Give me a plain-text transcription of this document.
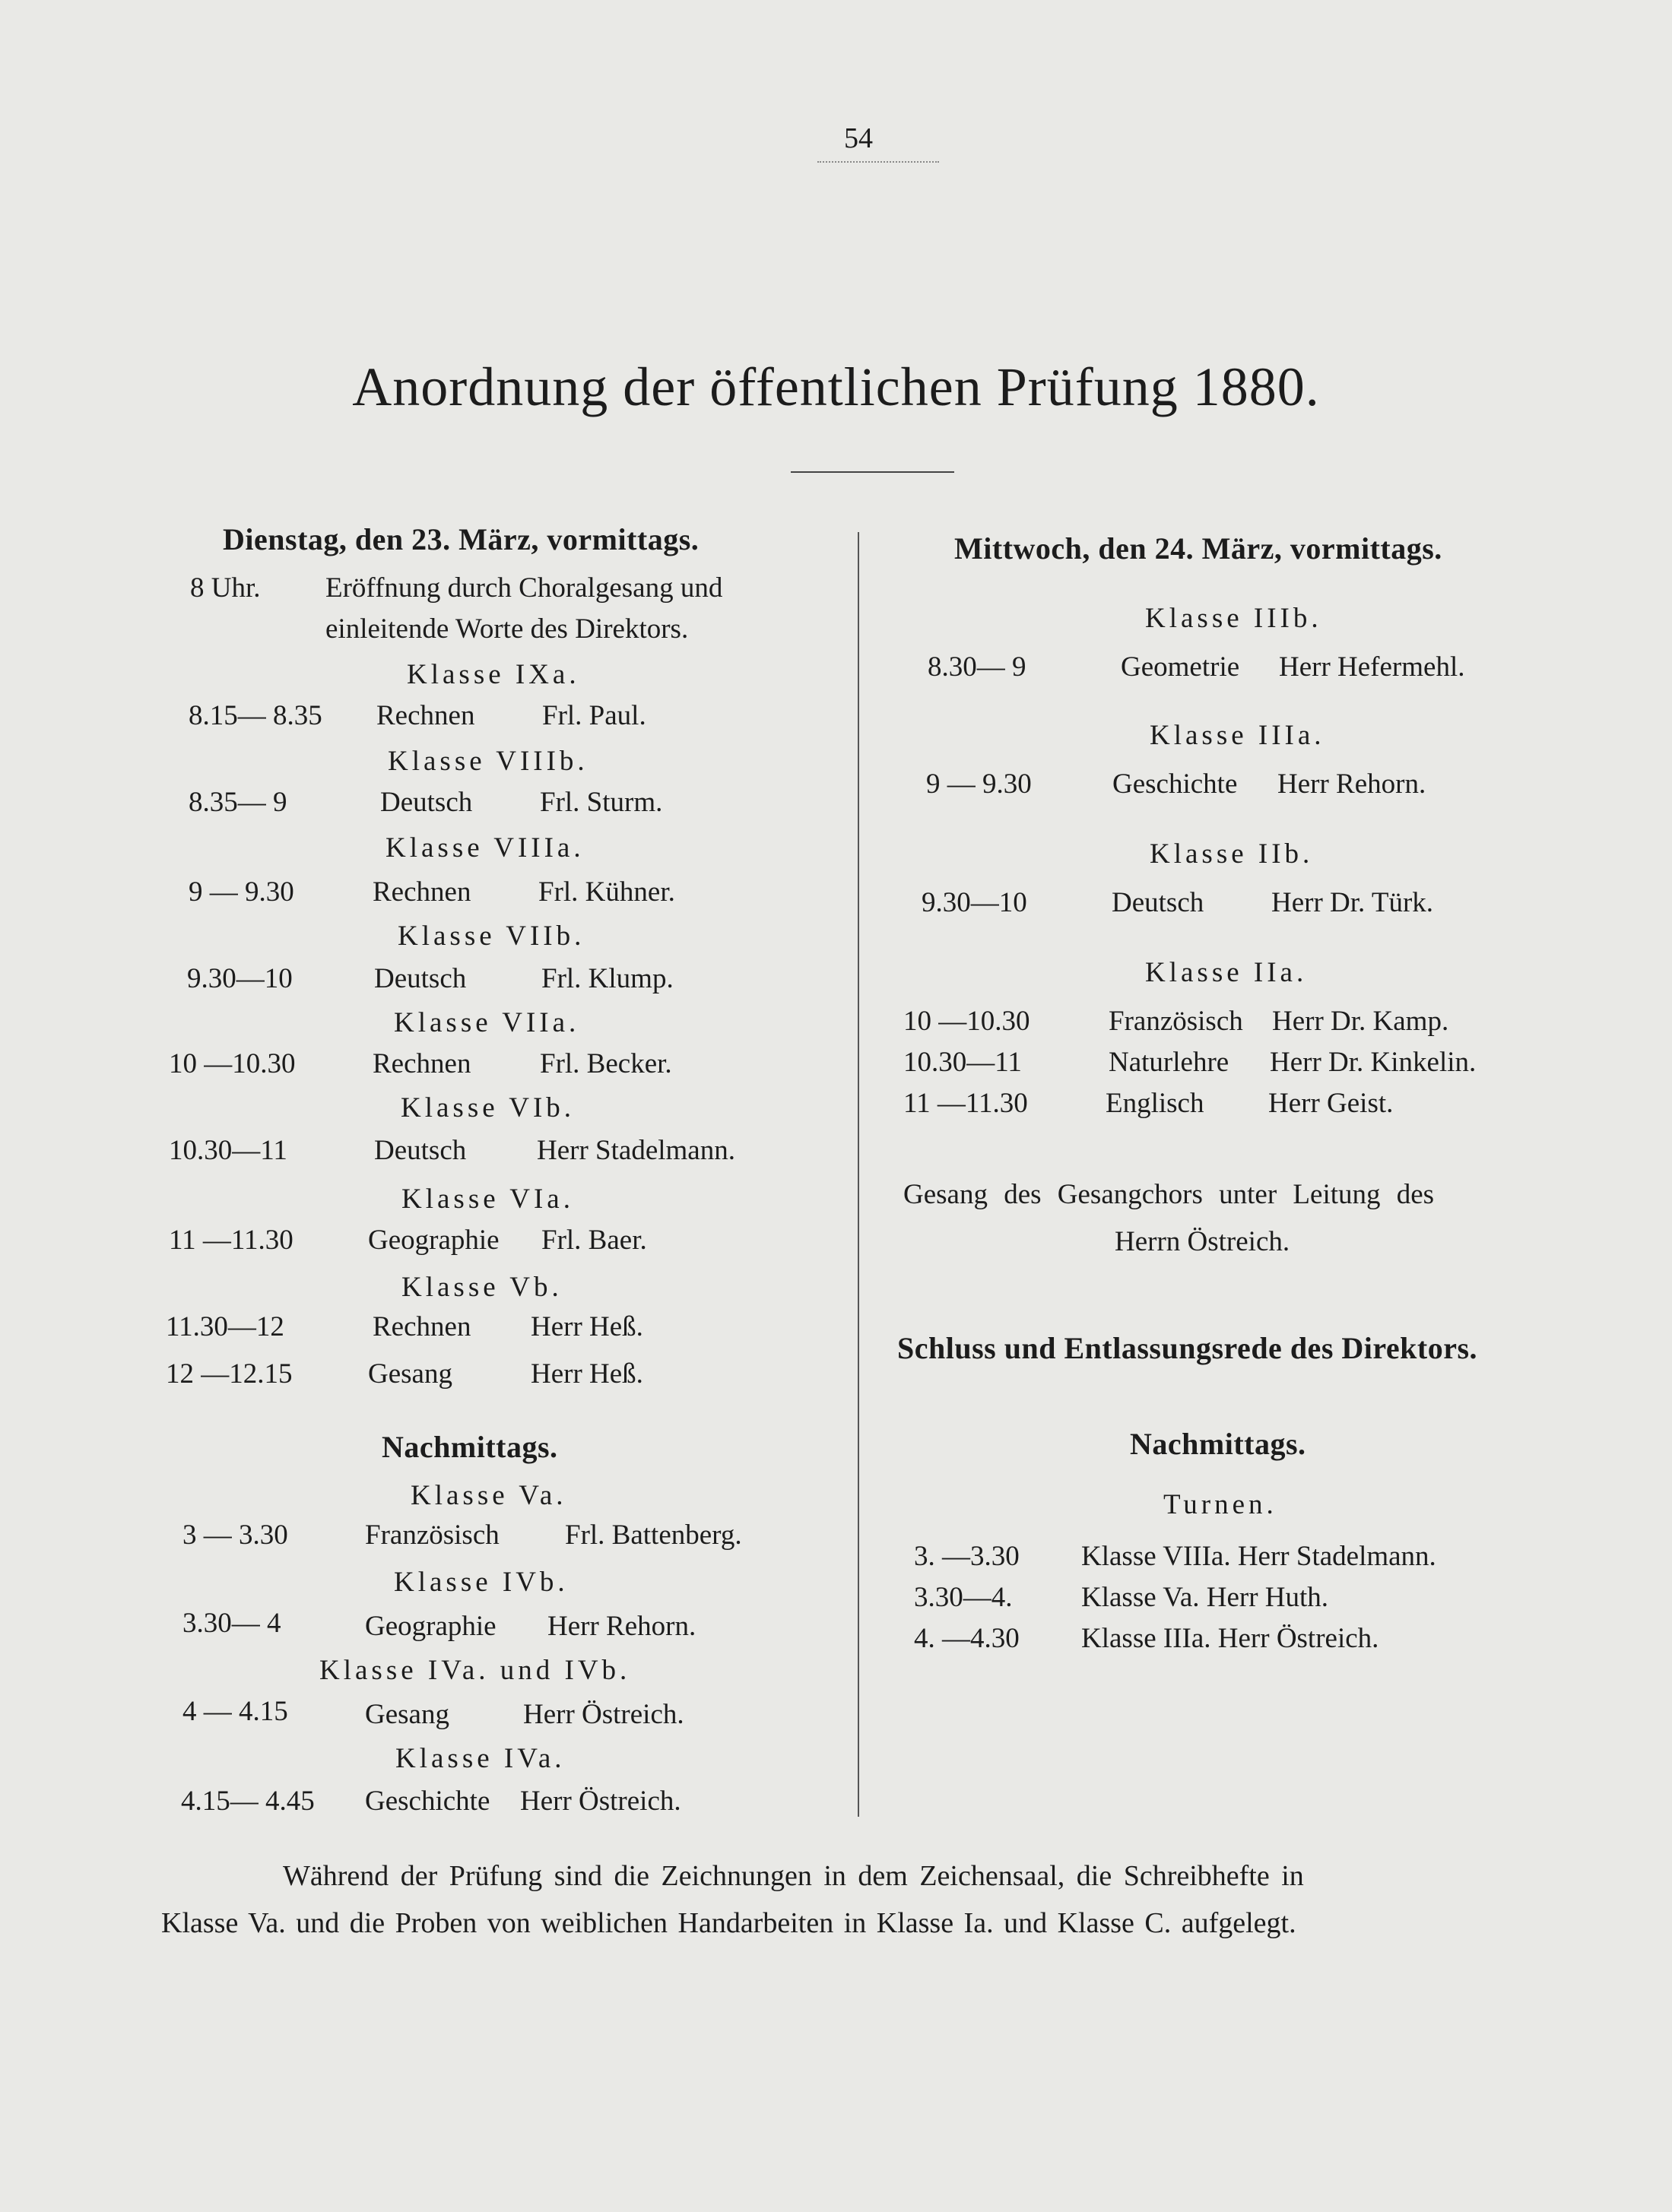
54
Anordnung der öffentlichen Prüfung 1880.
Dienstag, den 23. März, vormittags.
8 Uhr. Eröffnung durch Choralgesang und
einleitende Worte des Direktors.
Klasse IXa.
8.15— 8.35 Rechnen Frl. Paul.
Klasse VIIIb.
8.35— 9	Deutsch Frl. Sturm.
Klasse VIIIa.
9 — 9.30	Rechnen Frl. Kühner.
Klasse VIIb.
9.30—10	Deutsch	Frl. Klump.
Klasse VIIa.
10 —10.30	Rechnen Frl. Becker.
Klasse VIb.
10.30—11	Deutsch	Herr Stadelmann.
Klasse VIa.
11 —11.30	Geographie Frl. Baer.
Klasse Vb.
11.30—12	Rechnen Herr Heß.
12 —12.15	Gesang	Herr Heß.
Nachmittags.
Klasse Va.
3 — 3.30	Französisch Frl. Battenberg.
Klasse IVb.
3.30— 4	Geographie Herr Rehorn.
Klasse IVa. und IVb.
4 — 4.15	Gesang	Herr Östreich.
Klasse IVa.
4.15— 4.45 Geschichte Herr Östreich.
Mittwoch, den 24. März, vormittags.
Klasse IIIb.
8.30— 9	Geometrie Herr Hefermehl.
Klasse IIIa.
9 — 9.30	Geschichte Herr Rehorn.
Klasse IIb.
9.30—10	Deutsch Herr Dr. Türk.
Klasse IIa.
10 —10.30	Französisch Herr Dr. Kamp.
10.30—11	Naturlehre Herr Dr. Kinkelin.
11 —11.30	Englisch Herr Geist.
Gesang des Gesangchors unter Leitung des
Herrn Östreich.
Schluss und Entlassungsrede des Direktors.
Nachmittags.
Turnen.
3. —3.30 Klasse VIIIa. Herr Stadelmann.
3.30—4. Klasse Va. Herr Huth.
4. —4.30 Klasse IIIa. Herr Östreich.
Während der Prüfung sind die Zeichnungen in dem Zeichensaal, die Schreibhefte in
Klasse Va. und die Proben von weiblichen Handarbeiten in Klasse Ia. und Klasse C. aufgelegt.
